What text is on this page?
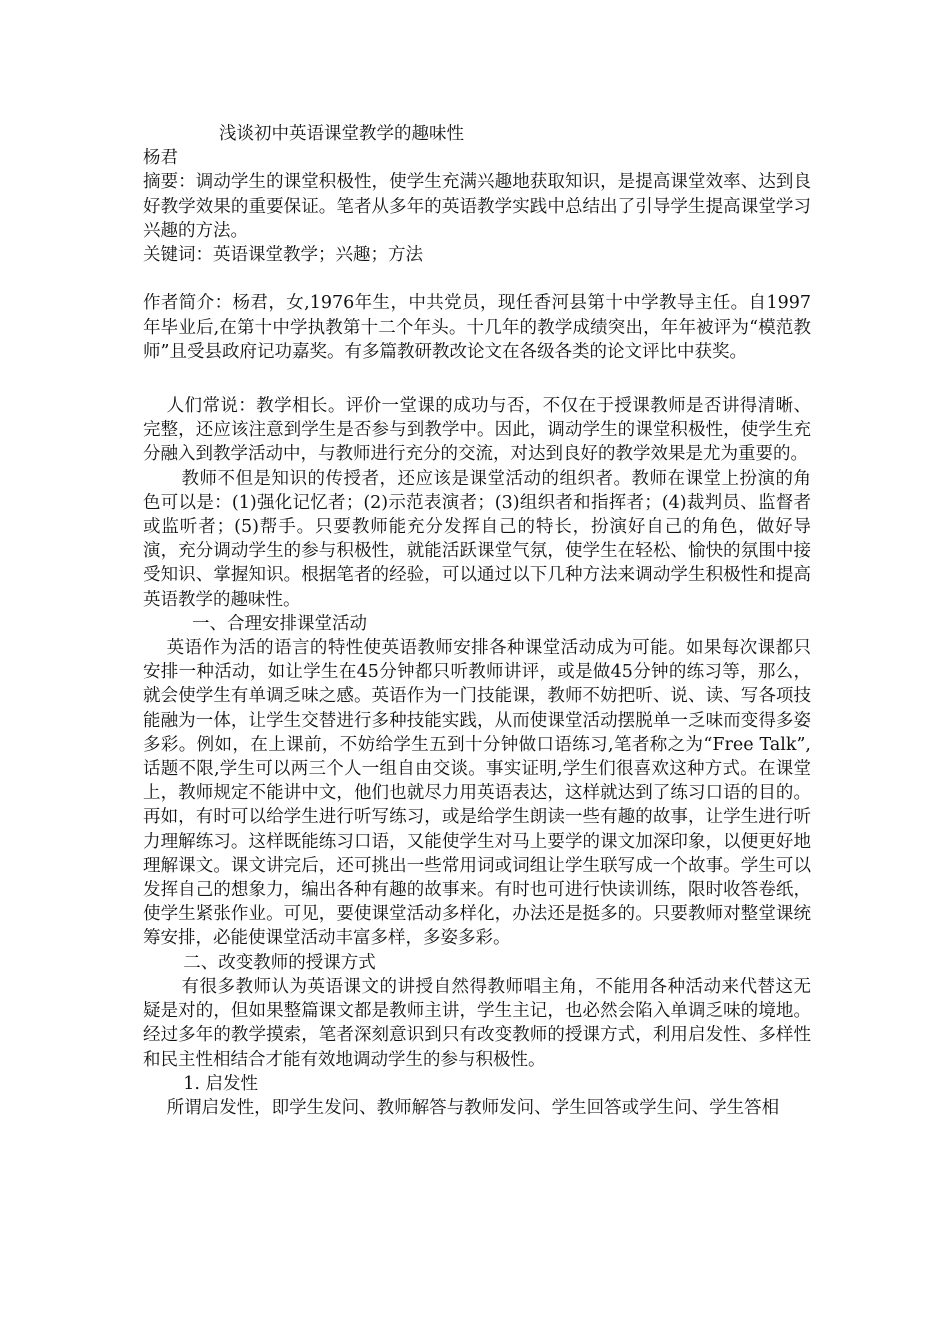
浅谈初中英语课堂教学的趣味性

杨君

摘要：调动学生的课堂积极性，使学生充满兴趣地获取知识，是提高课堂效率、达到良好教学效果的重要保证。笔者从多年的英语教学实践中总结出了引导学生提高课堂学习兴趣的方法。

关键词：英语课堂教学；兴趣；方法

作者简介：杨君，女,1976年生，中共党员，现任香河县第十中学教导主任。自1997年毕业后,在第十中学执教第十二个年头。十几年的教学成绩突出，年年被评为“模范教师”且受县政府记功嘉奖。有多篇教研教改论文在各级各类的论文评比中获奖。

人们常说：教学相长。评价一堂课的成功与否，不仅在于授课教师是否讲得清晰、完整，还应该注意到学生是否参与到教学中。因此，调动学生的课堂积极性，使学生充分融入到教学活动中，与教师进行充分的交流，对达到良好的教学效果是尤为重要的。

教师不但是知识的传授者，还应该是课堂活动的组织者。教师在课堂上扮演的角色可以是：(1)强化记忆者；(2)示范表演者；(3)组织者和指挥者；(4)裁判员、监督者或监听者；(5)帮手。只要教师能充分发挥自己的特长，扮演好自己的角色，做好导演，充分调动学生的参与积极性，就能活跃课堂气氛，使学生在轻松、愉快的氛围中接受知识、掌握知识。根据笔者的经验，可以通过以下几种方法来调动学生积极性和提高英语教学的趣味性。

一、合理安排课堂活动

英语作为活的语言的特性使英语教师安排各种课堂活动成为可能。如果每次课都只安排一种活动，如让学生在45分钟都只听教师讲评，或是做45分钟的练习等，那么，就会使学生有单调乏味之感。英语作为一门技能课，教师不妨把听、说、读、写各项技能融为一体，让学生交替进行多种技能实践，从而使课堂活动摆脱单一乏味而变得多姿多彩。例如，在上课前，不妨给学生五到十分钟做口语练习,笔者称之为“Free Talk”,话题不限,学生可以两三个人一组自由交谈。事实证明,学生们很喜欢这种方式。在课堂上，教师规定不能讲中文，他们也就尽力用英语表达，这样就达到了练习口语的目的。再如，有时可以给学生进行听写练习，或是给学生朗读一些有趣的故事，让学生进行听力理解练习。这样既能练习口语，又能使学生对马上要学的课文加深印象，以便更好地理解课文。课文讲完后，还可挑出一些常用词或词组让学生联写成一个故事。学生可以发挥自己的想象力，编出各种有趣的故事来。有时也可进行快读训练，限时收答卷纸，使学生紧张作业。可见，要使课堂活动多样化，办法还是挺多的。只要教师对整堂课统筹安排，必能使课堂活动丰富多样，多姿多彩。

二、改变教师的授课方式

有很多教师认为英语课文的讲授自然得教师唱主角，不能用各种活动来代替这无疑是对的，但如果整篇课文都是教师主讲，学生主记，也必然会陷入单调乏味的境地。经过多年的教学摸索，笔者深刻意识到只有改变教师的授课方式，利用启发性、多样性和民主性相结合才能有效地调动学生的参与积极性。

1. 启发性

所谓启发性，即学生发问、教师解答与教师发问、学生回答或学生问、学生答相
